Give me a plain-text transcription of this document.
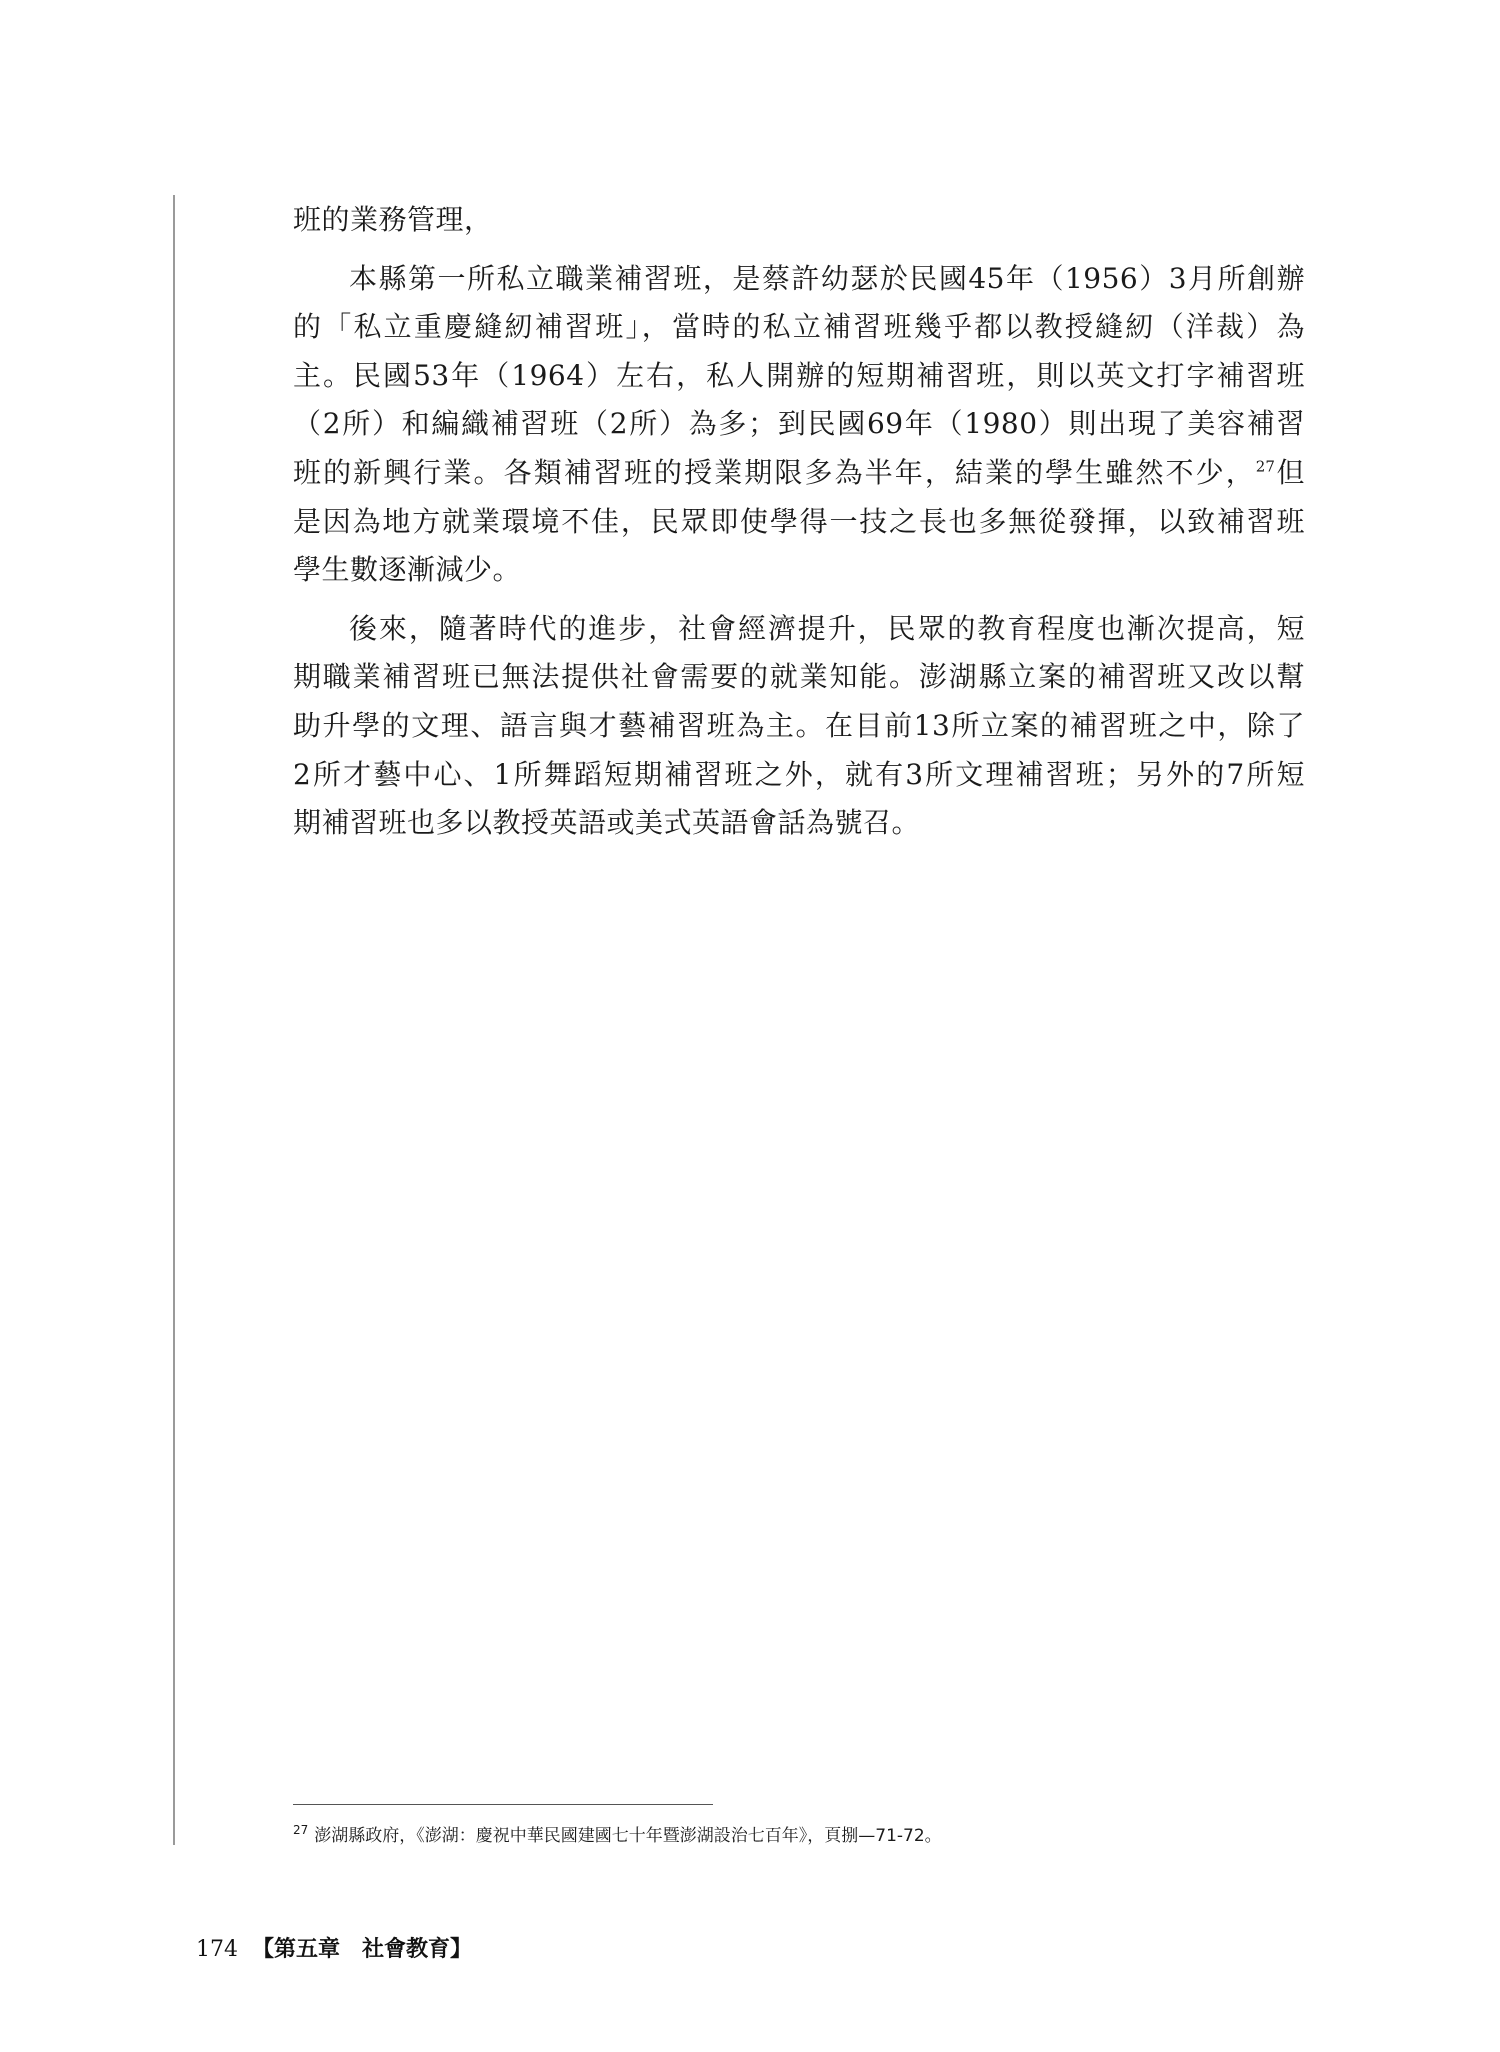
班的業務管理，
本縣第一所私立職業補習班，是蔡許幼瑟於民國45年（1956）3月所創辦
的「私立重慶縫紉補習班」，當時的私立補習班幾乎都以教授縫紉（洋裁）為
主。民國53年（1964）左右，私人開辦的短期補習班，則以英文打字補習班
（2所）和編織補習班（2所）為多；到民國69年（1980）則出現了美容補習
班的新興行業。各類補習班的授業期限多為半年，結業的學生雖然不少，$^{27}$但
是因為地方就業環境不佳，民眾即使學得一技之長也多無從發揮，以致補習班
學生數逐漸減少。
後來，隨著時代的進步，社會經濟提升，民眾的教育程度也漸次提高，短
期職業補習班已無法提供社會需要的就業知能。澎湖縣立案的補習班又改以幫
助升學的文理、語言與才藝補習班為主。在目前13所立案的補習班之中，除了
2所才藝中心、1所舞蹈短期補習班之外，就有3所文理補習班；另外的7所短
期補習班也多以教授英語或美式英語會話為號召。
$^{27}$ 澎湖縣政府，《澎湖：慶祝中華民國建國七十年暨澎湖設治七百年》，頁捌—71-72。
174 【第五章　社會教育】
